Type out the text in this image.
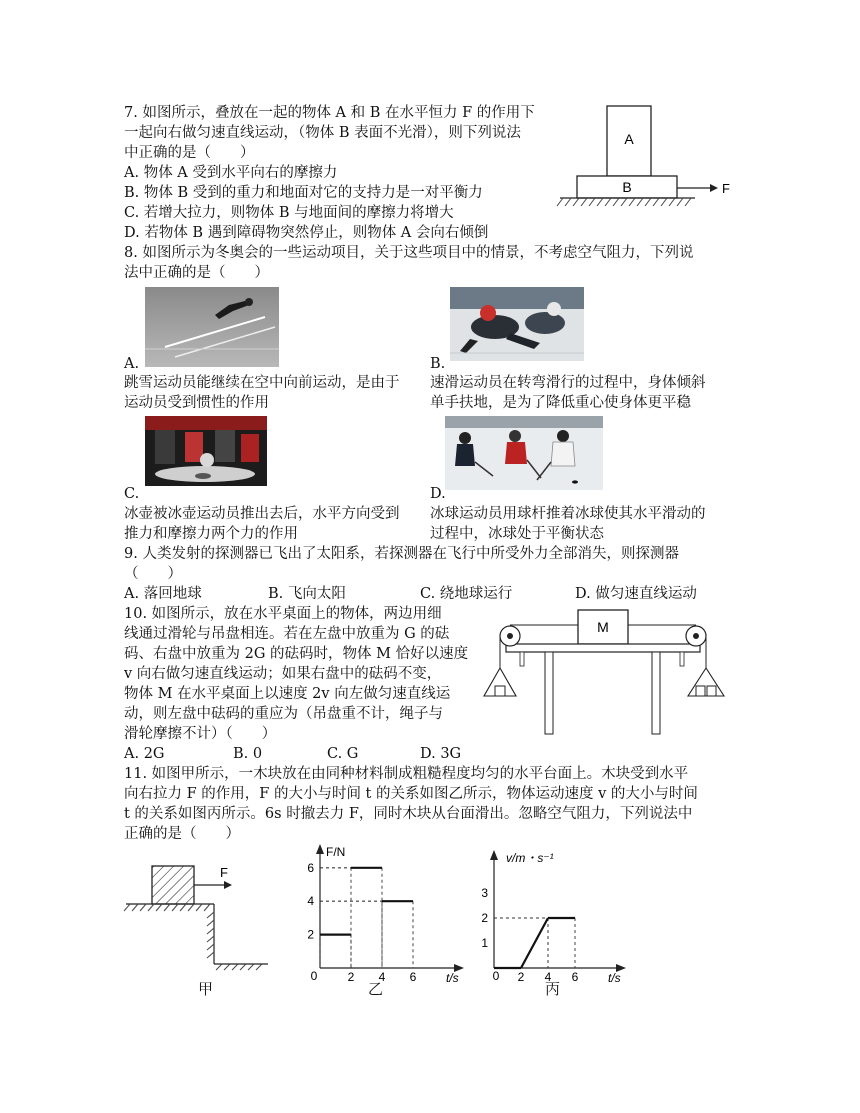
7. 如图所示，叠放在一起的物体 A 和 B 在水平恒力 F 的作用下
一起向右做匀速直线运动，（物体 B 表面不光滑），则下列说法
中正确的是（　　）
A. 物体 A 受到水平向右的摩擦力
B. 物体 B 受到的重力和地面对它的支持力是一对平衡力
C. 若增大拉力，则物体 B 与地面间的摩擦力将增大
D. 若物体 B 遇到障碍物突然停止，则物体 A 会向右倾倒
A
B	F
8. 如图所示为冬奥会的一些运动项目，关于这些项目中的情景，不考虑空气阻力，下列说
法中正确的是（　　）
A.
跳雪运动员能继续在空中向前运动，是由于
运动员受到惯性的作用
B.
速滑运动员在转弯滑行的过程中，身体倾斜
单手扶地，是为了降低重心使身体更平稳
C.
冰壶被冰壶运动员推出去后，水平方向受到
推力和摩擦力两个力的作用
D.
冰球运动员用球杆推着冰球使其水平滑动的
过程中，冰球处于平衡状态
9. 人类发射的探测器已飞出了太阳系，若探测器在飞行中所受外力全部消失，则探测器
（　　）
A. 落回地球	B. 飞向太阳	C. 绕地球运行	D. 做匀速直线运动
10. 如图所示，放在水平桌面上的物体，两边用细
线通过滑轮与吊盘相连。若在左盘中放重为 G 的砝
码、右盘中放重为 2G 的砝码时，物体 M 恰好以速度
v 向右做匀速直线运动；如果右盘中的砝码不变，
物体 M 在水平桌面上以速度 2v 向左做匀速直线运
动，则左盘中砝码的重应为（吊盘重不计，绳子与
滑轮摩擦不计）（　　）
A. 2G	B. 0	C. G	D. 3G
M
11. 如图甲所示，一木块放在由同种材料制成粗糙程度均匀的水平台面上。木块受到水平
向右拉力 F 的作用，F 的大小与时间 t 的关系如图乙所示，物体运动速度 v 的大小与时间
t 的关系如图丙所示。6s 时撤去力 F，同时木块从台面滑出。忽略空气阻力，下列说法中
正确的是（　　）
F
甲
F/N
t/s
0	2 4 6
2
4
6
乙
v/m・s⁻¹
t/s
0 2 4 6
1
2
3
丙
